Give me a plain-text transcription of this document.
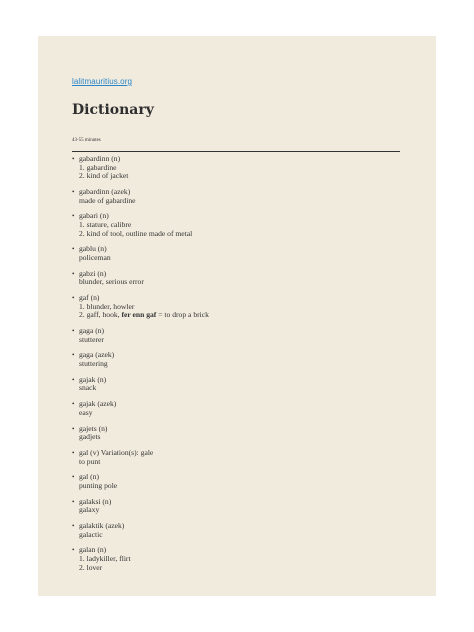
lalitmauritius.org
Dictionary
43-55 minutes
• gabardinn (n)
1. gabardine
2. kind of jacket
• gabardinn (azek)
made of gabardine
• gabari (n)
1. stature, calibre
2. kind of tool, outline made of metal
• gablu (n)
policeman
• gabzi (n)
blunder, serious error
• gaf (n)
1. blunder, howler
2. gaff, hook, fer enn gaf = to drop a brick
• gaga (n)
stutterer
• gaga (azek)
stuttering
• gajak (n)
snack
• gajak (azek)
easy
• gajets (n)
gadjets
• gal (v) Variation(s): gale
to punt
• gal (n)
punting pole
• galaksi (n)
galaxy
• galaktik (azek)
galactic
• galan (n)
1. ladykiller, flirt
2. lover
